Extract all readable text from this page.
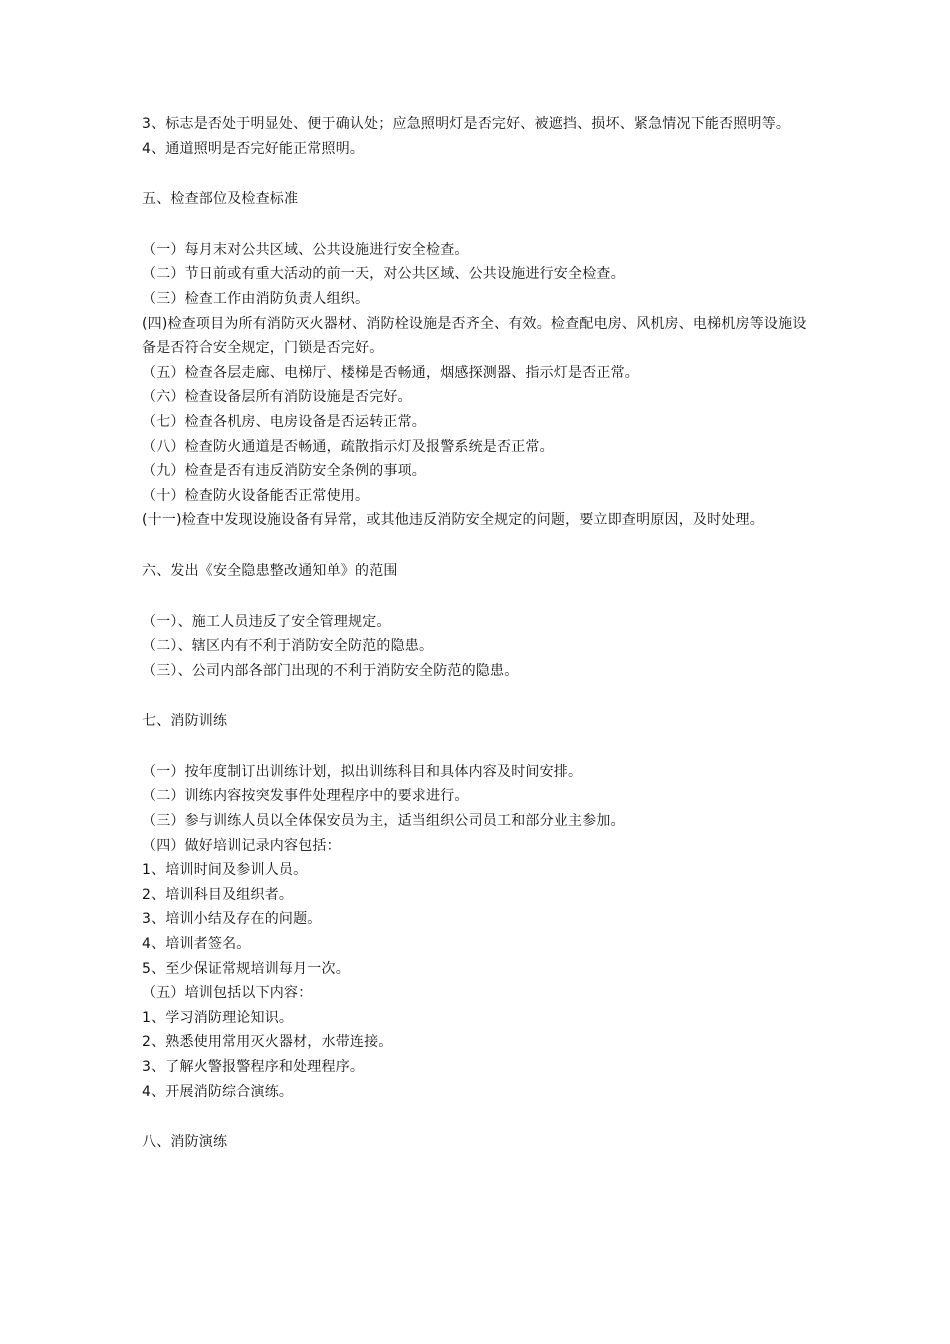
3、标志是否处于明显处、便于确认处；应急照明灯是否完好、被遮挡、损坏、紧急情况下能否照明等。
4、通道照明是否完好能正常照明。
五、检查部位及检查标准
（一）每月末对公共区域、公共设施进行安全检查。
（二）节日前或有重大活动的前一天，对公共区域、公共设施进行安全检查。
（三）检查工作由消防负责人组织。
(四)检查项目为所有消防灭火器材、消防栓设施是否齐全、有效。检查配电房、风机房、电梯机房等设施设备是否符合安全规定，门锁是否完好。
（五）检查各层走廊、电梯厅、楼梯是否畅通，烟感探测器、指示灯是否正常。
（六）检查设备层所有消防设施是否完好。
（七）检查各机房、电房设备是否运转正常。
（八）检查防火通道是否畅通，疏散指示灯及报警系统是否正常。
（九）检查是否有违反消防安全条例的事项。
（十）检查防火设备能否正常使用。
(十一)检查中发现设施设备有异常，或其他违反消防安全规定的问题，要立即查明原因，及时处理。
六、发出《安全隐患整改通知单》的范围
（一）、施工人员违反了安全管理规定。
（二）、辖区内有不利于消防安全防范的隐患。
（三）、公司内部各部门出现的不利于消防安全防范的隐患。
七、消防训练
（一）按年度制订出训练计划，拟出训练科目和具体内容及时间安排。
（二）训练内容按突发事件处理程序中的要求进行。
（三）参与训练人员以全体保安员为主，适当组织公司员工和部分业主参加。
（四）做好培训记录内容包括：
1、培训时间及参训人员。
2、培训科目及组织者。
3、培训小结及存在的问题。
4、培训者签名。
5、至少保证常规培训每月一次。
（五）培训包括以下内容：
1、学习消防理论知识。
2、熟悉使用常用灭火器材，水带连接。
3、了解火警报警程序和处理程序。
4、开展消防综合演练。
八、消防演练
